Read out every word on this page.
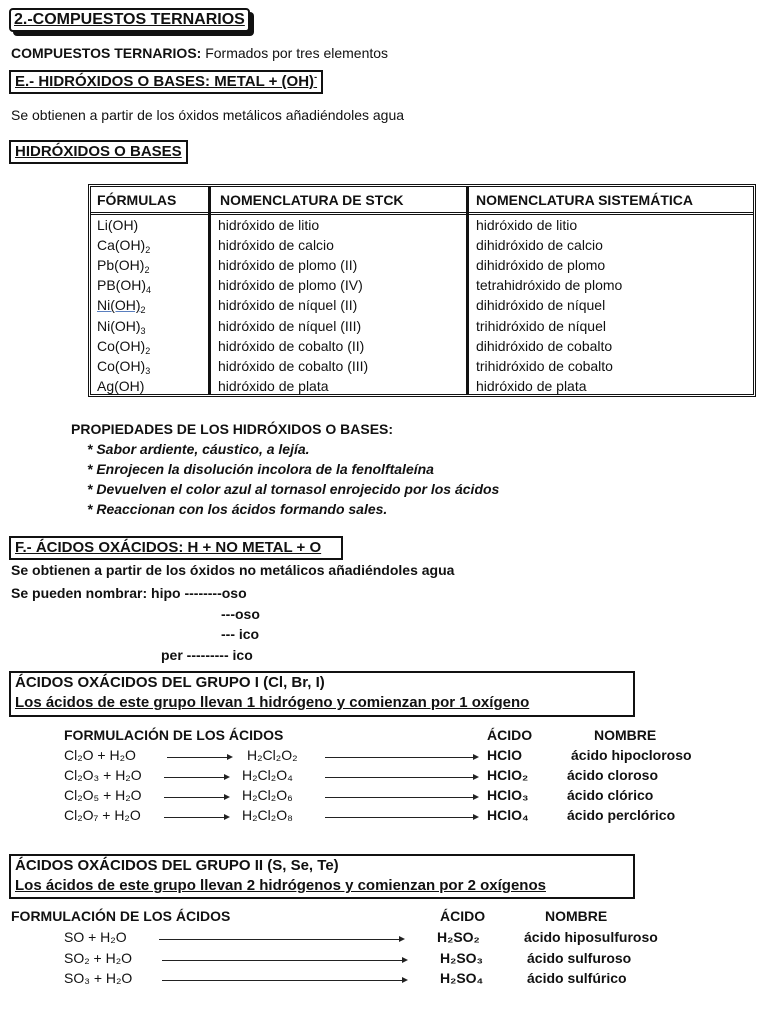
2.-COMPUESTOS TERNARIOS
COMPUESTOS TERNARIOS: Formados por tres elementos
E.- HIDRÓXIDOS O BASES: METAL + (OH)-
Se obtienen a partir de los óxidos metálicos añadiéndoles agua
HIDRÓXIDOS O BASES
FÓRMULAS	NOMENCLATURA DE STCK	NOMENCLATURA SISTEMÁTICA
Li(OH)	hidróxido de litio	hidróxido de litio
$Ca(OH)_2$	hidróxido de calcio	dihidróxido de calcio
$Pb(OH)_2$	hidróxido de plomo (II)	dihidróxido de plomo
$PB(OH)_4$	hidróxido de plomo (IV)	tetrahidróxido de plomo
$Ni(OH)_2$	hidróxido de níquel (II)	dihidróxido de níquel
$Ni(OH)_3$	hidróxido de níquel (III)	trihidróxido de níquel
$Co(OH)_2$	hidróxido de cobalto (II)	dihidróxido de cobalto
$Co(OH)_3$	hidróxido de cobalto (III)	trihidróxido de cobalto
Ag(OH)	hidróxido de plata	hidróxido de plata
PROPIEDADES DE LOS HIDRÓXIDOS O BASES:
* Sabor ardiente, cáustico, a lejía.
* Enrojecen la disolución incolora de la fenolftaleína
* Devuelven el color azul al tornasol enrojecido por los ácidos
* Reaccionan con los ácidos formando sales.
F.- ÁCIDOS OXÁCIDOS: H + NO METAL + O
Se obtienen a partir de los óxidos no metálicos añadiéndoles agua
Se pueden nombrar: hipo --------oso
---oso
--- ico
per --------- ico
ÁCIDOS OXÁCIDOS DEL GRUPO I (Cl, Br, I)
Los ácidos de este grupo llevan 1 hidrógeno y comienzan por 1 oxígeno
FORMULACIÓN DE LOS ÁCIDOS	ÁCIDO	NOMBRE
Cl₂O + H₂O	H₂Cl₂O₂	HClO	ácido hipocloroso
Cl₂O₃ + H₂O	H₂Cl₂O₄	HClO₂	ácido cloroso
Cl₂O₅ + H₂O	H₂Cl₂O₆	HClO₃	ácido clórico
Cl₂O₇ + H₂O	H₂Cl₂O₈	HClO₄	ácido perclórico
ÁCIDOS OXÁCIDOS DEL GRUPO II (S, Se, Te)
Los ácidos de este grupo llevan 2 hidrógenos y comienzan por 2 oxígenos
FORMULACIÓN DE LOS ÁCIDOS	ÁCIDO	NOMBRE
SO + H₂O	H₂SO₂	ácido hiposulfuroso
SO₂ + H₂O	H₂SO₃	ácido sulfuroso
SO₃ + H₂O	H₂SO₄	ácido sulfúrico
